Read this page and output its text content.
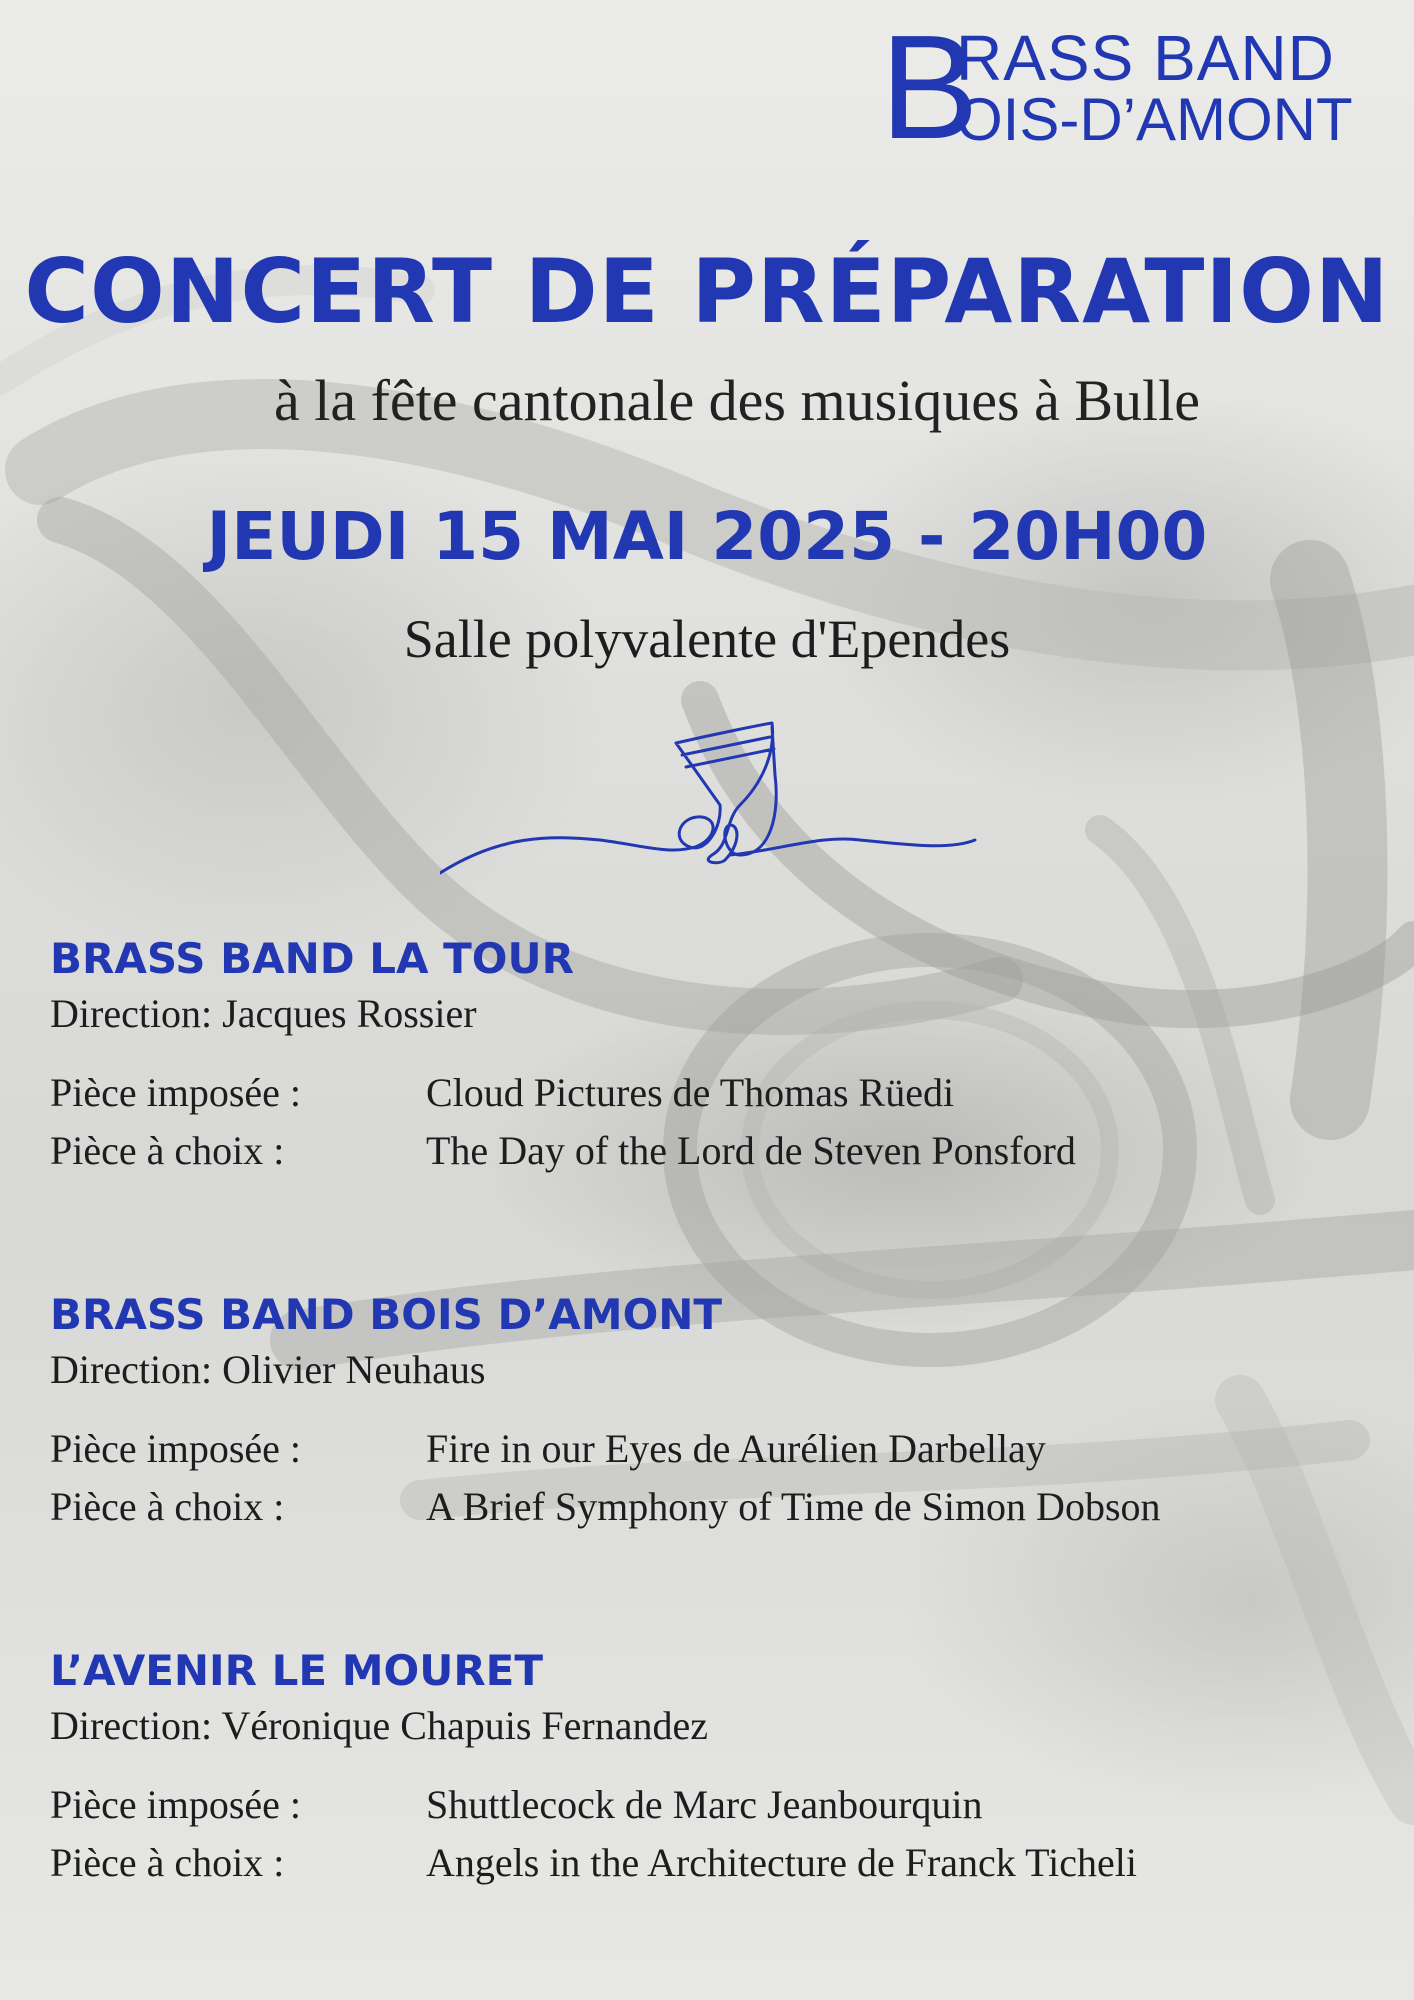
B
RASS BAND
OIS-D’AMONT
CONCERT DE PRÉPARATION
à la fête cantonale des musiques à Bulle
JEUDI 15 MAI 2025 - 20H00
Salle polyvalente d'Ependes
BRASS BAND LA TOUR
Direction: Jacques Rossier
Pièce imposée :	Cloud Pictures de Thomas Rüedi
Pièce à choix :	The Day of the Lord de Steven Ponsford
BRASS BAND BOIS D’AMONT
Direction: Olivier Neuhaus
Pièce imposée :	Fire in our Eyes de Aurélien Darbellay
Pièce à choix :	A Brief Symphony of Time de Simon Dobson
L’AVENIR LE MOURET
Direction: Véronique Chapuis Fernandez
Pièce imposée :	Shuttlecock de Marc Jeanbourquin
Pièce à choix :	Angels in the Architecture de Franck Ticheli
